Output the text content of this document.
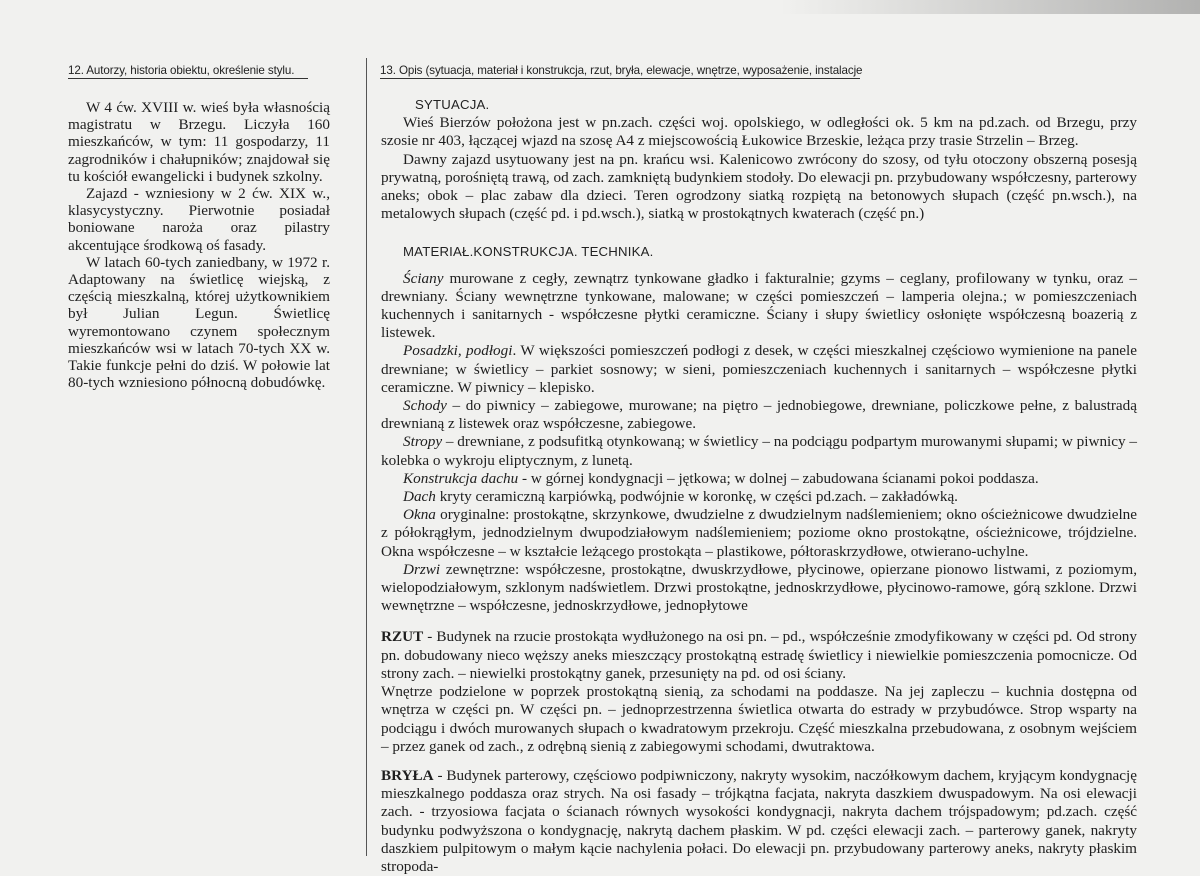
12. Autorzy, historia obiektu, określenie stylu.	13. Opis (sytuacja, materiał i konstrukcja, rzut, bryła, elewacje, wnętrze, wyposażenie, instalacje

W 4 ćw. XVIII w. wieś była własnością magistratu w Brzegu. Liczyła 160 mieszkańców, w tym: 11 gospodarzy, 11 zagrodników i chałupników; znajdował się tu kościół ewangelicki i budynek szkolny.

Zajazd - wzniesiony w 2 ćw. XIX w., klasycystyczny. Pierwotnie posiadał boniowane naroża oraz pilastry akcentujące środkową oś fasady.

W latach 60-tych zaniedbany, w 1972 r. Adaptowany na świetlicę wiejską, z częścią mieszkalną, której użytkownikiem był Julian Legun. Świetlicę wyremontowano czynem społecznym mieszkańców wsi w latach 70-tych XX w. Takie funkcje pełni do dziś. W połowie lat 80-tych wzniesiono północną dobudówkę.

SYTUACJA.

Wieś Bierzów położona jest w pn.zach. części woj. opolskiego, w odległości ok. 5 km na pd.zach. od Brzegu, przy szosie nr 403, łączącej wjazd na szosę A4 z miejscowością Łukowice Brzeskie, leżąca przy trasie Strzelin – Brzeg.

Dawny zajazd usytuowany jest na pn. krańcu wsi. Kalenicowo zwrócony do szosy, od tyłu otoczony obszerną posesją prywatną, porośniętą trawą, od zach. zamkniętą budynkiem stodoły. Do elewacji pn. przybudowany współczesny, parterowy aneks; obok – plac zabaw dla dzieci. Teren ogrodzony siatką rozpiętą na betonowych słupach (część pn.wsch.), na metalowych słupach (część pd. i pd.wsch.), siatką w prostokątnych kwaterach (część pn.)

MATERIAŁ.KONSTRUKCJA. TECHNIKA.

Ściany murowane z cegły, zewnątrz tynkowane gładko i fakturalnie; gzyms – ceglany, profilowany w tynku, oraz – drewniany. Ściany wewnętrzne tynkowane, malowane; w części pomieszczeń – lamperia olejna.; w pomieszczeniach kuchennych i sanitarnych - współczesne płytki ceramiczne. Ściany i słupy świetlicy osłonięte współczesną boazerią z listewek.

Posadzki, podłogi. W większości pomieszczeń podłogi z desek, w części mieszkalnej częściowo wymienione na panele drewniane; w świetlicy – parkiet sosnowy; w sieni, pomieszczeniach kuchennych i sanitarnych – współczesne płytki ceramiczne. W piwnicy – klepisko.

Schody – do piwnicy – zabiegowe, murowane; na piętro – jednobiegowe, drewniane, policzkowe pełne, z balustradą drewnianą z listewek oraz współczesne, zabiegowe.

Stropy – drewniane, z podsufitką otynkowaną; w świetlicy – na podciągu podpartym murowanymi słupami; w piwnicy – kolebka o wykroju eliptycznym, z lunetą.

Konstrukcja dachu - w górnej kondygnacji – jętkowa; w dolnej – zabudowana ścianami pokoi poddasza.

Dach kryty ceramiczną karpiówką, podwójnie w koronkę, w części pd.zach. – zakładówką.

Okna oryginalne: prostokątne, skrzynkowe, dwudzielne z dwudzielnym nadślemieniem; okno ościeżnicowe dwudzielne z półokrągłym, jednodzielnym dwupodziałowym nadślemieniem; poziome okno prostokątne, ościeżnicowe, trójdzielne. Okna współczesne – w kształcie leżącego prostokąta – plastikowe, półtoraskrzydłowe, otwierano-uchylne.

Drzwi zewnętrzne: współczesne, prostokątne, dwuskrzydłowe, płycinowe, opierzane pionowo listwami, z poziomym, wielopodziałowym, szklonym nadświetlem. Drzwi prostokątne, jednoskrzydłowe, płycinowo-ramowe, górą szklone. Drzwi wewnętrzne – współczesne, jednoskrzydłowe, jednopłytowe

RZUT - Budynek na rzucie prostokąta wydłużonego na osi pn. – pd., współcześnie zmodyfikowany w części pd. Od strony pn. dobudowany nieco węższy aneks mieszczący prostokątną estradę świetlicy i niewielkie pomieszczenia pomocnicze. Od strony zach. – niewielki prostokątny ganek, przesunięty na pd. od osi ściany.

Wnętrze podzielone w poprzek prostokątną sienią, za schodami na poddasze. Na jej zapleczu – kuchnia dostępna od wnętrza w części pn. W części pn. – jednoprzestrzenna świetlica otwarta do estrady w przybudówce. Strop wsparty na podciągu i dwóch murowanych słupach o kwadratowym przekroju. Część mieszkalna przebudowana, z osobnym wejściem – przez ganek od zach., z odrębną sienią z zabiegowymi schodami, dwutraktowa.

BRYŁA - Budynek parterowy, częściowo podpiwniczony, nakryty wysokim, naczółkowym dachem, kryjącym kondygnację mieszkalnego poddasza oraz strych. Na osi fasady – trójkątna facjata, nakryta daszkiem dwuspadowym. Na osi elewacji zach. - trzyosiowa facjata o ścianach równych wysokości kondygnacji, nakryta dachem trójspadowym; pd.zach. część budynku podwyższona o kondygnację, nakrytą dachem płaskim. W pd. części elewacji zach. – parterowy ganek, nakryty daszkiem pulpitowym o małym kącie nachylenia połaci. Do elewacji pn. przybudowany parterowy aneks, nakryty płaskim stropoda-
